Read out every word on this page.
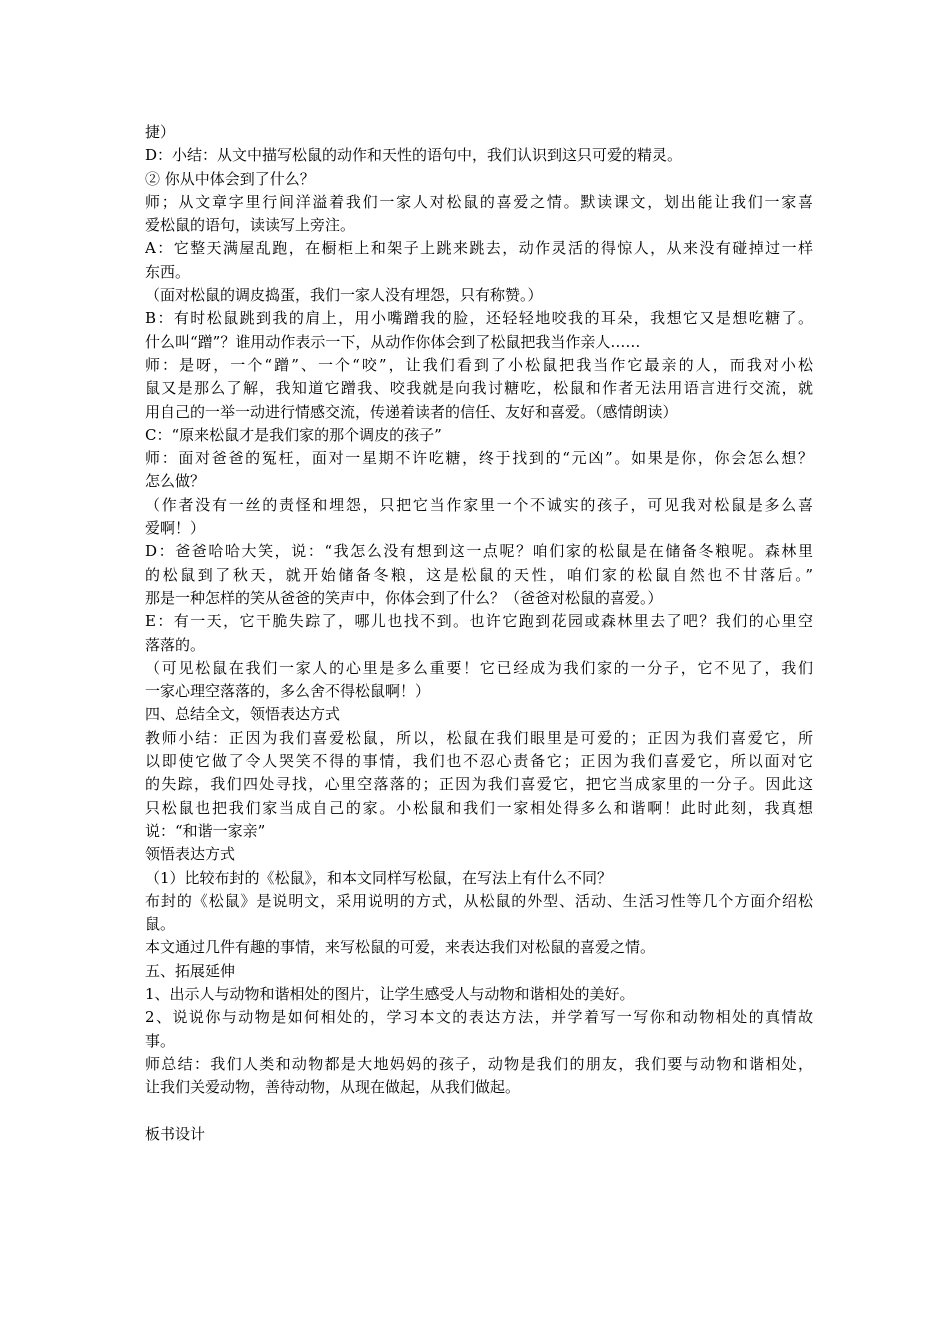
捷）
D：小结：从文中描写松鼠的动作和天性的语句中，我们认识到这只可爱的精灵。
② 你从中体会到了什么？
师；从文章字里行间洋溢着我们一家人对松鼠的喜爱之情。默读课文，划出能让我们一家喜
爱松鼠的语句，读读写上旁注。
A：它整天满屋乱跑，在橱柜上和架子上跳来跳去，动作灵活的得惊人，从来没有碰掉过一样
东西。
（面对松鼠的调皮捣蛋，我们一家人没有埋怨，只有称赞。）
B：有时松鼠跳到我的肩上，用小嘴蹭我的脸，还轻轻地咬我的耳朵，我想它又是想吃糖了。
什么叫“蹭”？谁用动作表示一下，从动作你体会到了松鼠把我当作亲人……
师：是呀，一个“蹭”、一个“咬”，让我们看到了小松鼠把我当作它最亲的人，而我对小松
鼠又是那么了解，我知道它蹭我、咬我就是向我讨糖吃，松鼠和作者无法用语言进行交流，就
用自己的一举一动进行情感交流，传递着读者的信任、友好和喜爱。（感情朗读）
C：“原来松鼠才是我们家的那个调皮的孩子”
师：面对爸爸的冤枉，面对一星期不许吃糖，终于找到的“元凶”。如果是你，你会怎么想？
怎么做？
（作者没有一丝的责怪和埋怨，只把它当作家里一个不诚实的孩子，可见我对松鼠是多么喜
爱啊！）
D：爸爸哈哈大笑，说：“我怎么没有想到这一点呢？咱们家的松鼠是在储备冬粮呢。森林里
的松鼠到了秋天，就开始储备冬粮，这是松鼠的天性，咱们家的松鼠自然也不甘落后。”
那是一种怎样的笑从爸爸的笑声中，你体会到了什么？（爸爸对松鼠的喜爱。）
E：有一天，它干脆失踪了，哪儿也找不到。也许它跑到花园或森林里去了吧？我们的心里空
落落的。
（可见松鼠在我们一家人的心里是多么重要！它已经成为我们家的一分子，它不见了，我们
一家心理空落落的，多么舍不得松鼠啊！）
四、总结全文，领悟表达方式
教师小结：正因为我们喜爱松鼠，所以，松鼠在我们眼里是可爱的；正因为我们喜爱它，所
以即使它做了令人哭笑不得的事情，我们也不忍心责备它；正因为我们喜爱它，所以面对它
的失踪，我们四处寻找，心里空落落的；正因为我们喜爱它，把它当成家里的一分子。因此这
只松鼠也把我们家当成自己的家。小松鼠和我们一家相处得多么和谐啊！此时此刻，我真想
说：“和谐一家亲”
领悟表达方式
（1）比较布封的《松鼠》，和本文同样写松鼠，在写法上有什么不同？
布封的《松鼠》是说明文，采用说明的方式，从松鼠的外型、活动、生活习性等几个方面介绍松
鼠。
本文通过几件有趣的事情，来写松鼠的可爱，来表达我们对松鼠的喜爱之情。
五、拓展延伸
1、出示人与动物和谐相处的图片，让学生感受人与动物和谐相处的美好。
2、说说你与动物是如何相处的，学习本文的表达方法，并学着写一写你和动物相处的真情故
事。
师总结：我们人类和动物都是大地妈妈的孩子，动物是我们的朋友，我们要与动物和谐相处，
让我们关爱动物，善待动物，从现在做起，从我们做起。
板书设计
